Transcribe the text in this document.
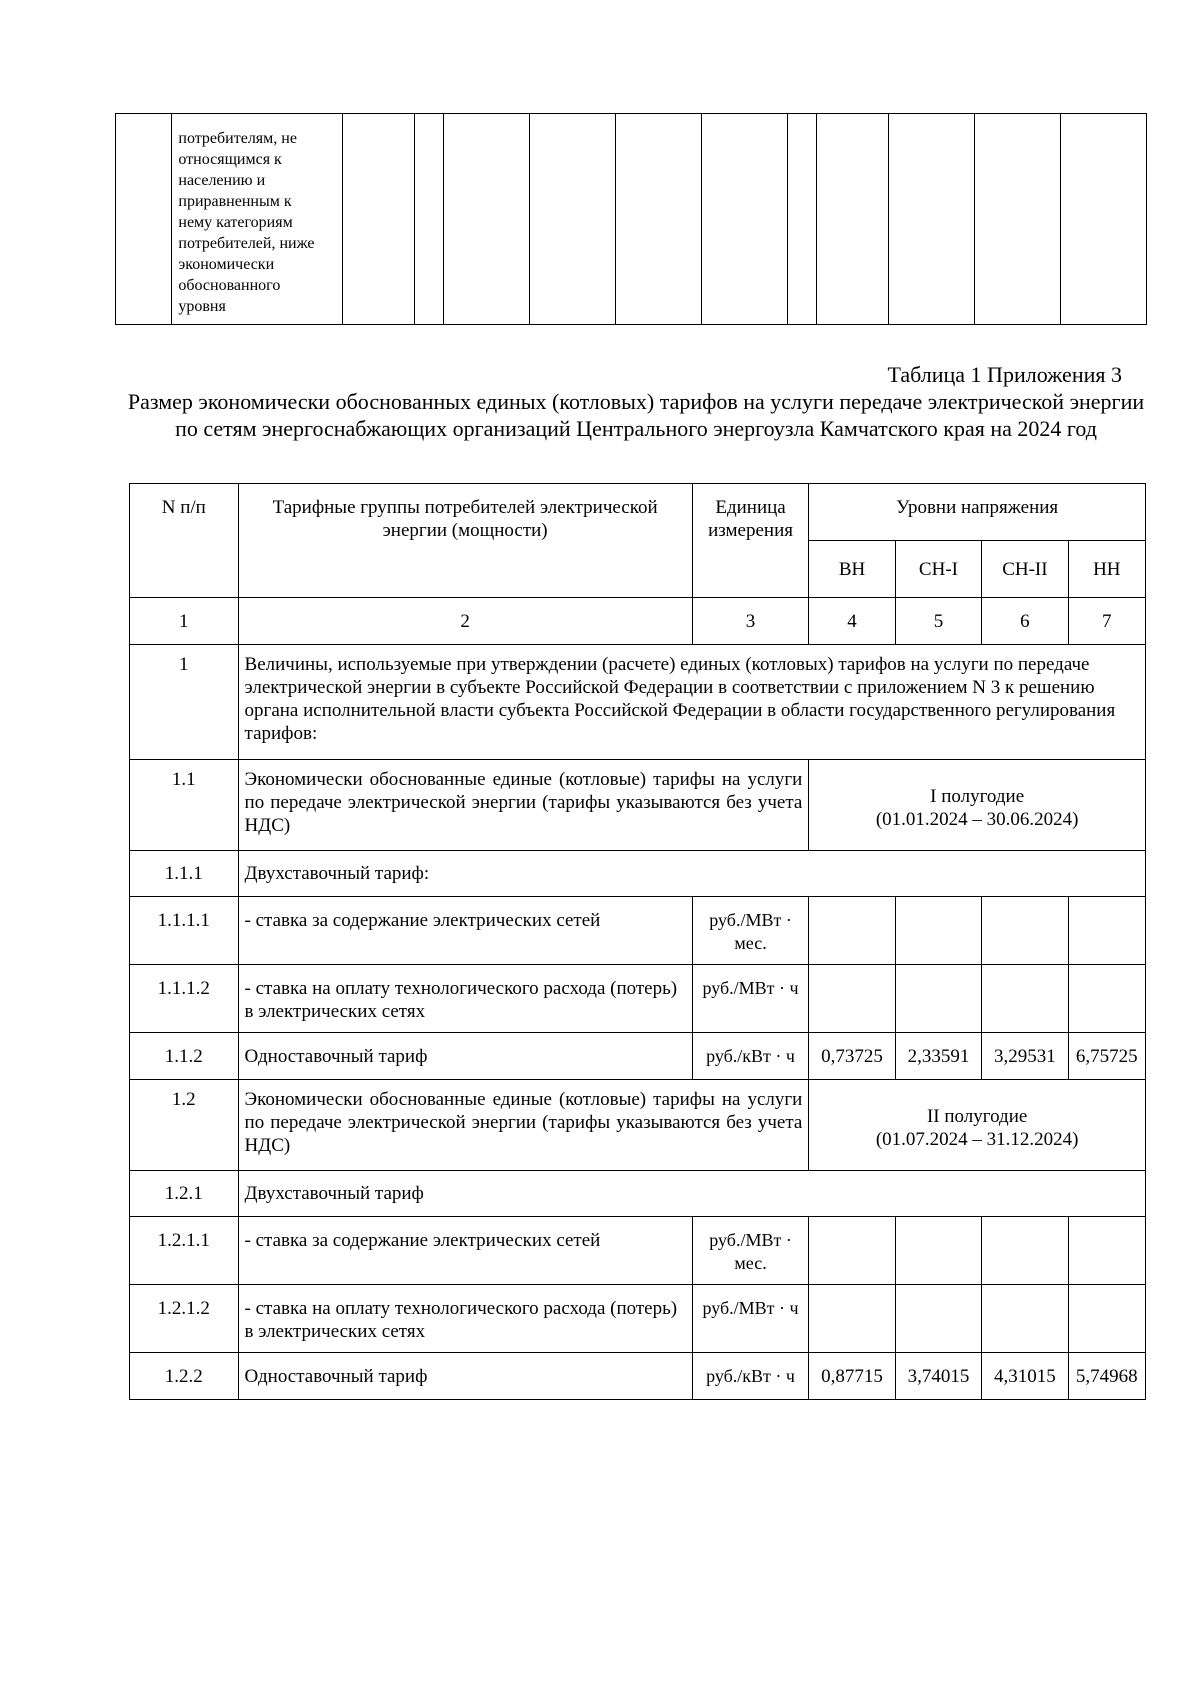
потребителям, не
относящимся к
населению и
приравненным к
нему категориям
потребителей, ниже
экономически
обоснованного
уровня

Таблица 1 Приложения 3
Размер экономически обоснованных единых (котловых) тарифов на услуги передаче электрической энергии по сетям энергоснабжающих организаций Центрального энергоузла Камчатского края на 2024 год
N п/п	Тарифные группы потребителей электрической энергии (мощности)	Единица измерения	Уровни напряжения			
			ВН	СН-I	СН-II	НН
1	2	3	4	5	6	7
1	Величины, используемые при утверждении (расчете) единых (котловых) тарифов на услуги по передаче электрической энергии в субъекте Российской Федерации в соответствии с приложением N 3 к решению органа исполнительной власти субъекта Российской Федерации в области государственного регулирования тарифов:					
1.1	Экономически обоснованные единые (котловые) тарифы на услуги по передаче электрической энергии (тарифы указываются без учета НДС)		I полугодие
(01.01.2024 – 30.06.2024)			

1.1.1	Двухставочный тариф:					
1.1.1.1	- ставка за содержание электрических сетей	руб./МВт · мес.				
1.1.1.2	- ставка на оплату технологического расхода (потерь) в электрических сетях	руб./МВт · ч				
1.1.2	Одноставочный тариф	руб./кВт · ч	0,73725	2,33591	3,29531	6,75725
1.2	Экономически обоснованные единые (котловые) тарифы на услуги по передаче электрической энергии (тарифы указываются без учета НДС)		II полугодие
(01.07.2024 – 31.12.2024)			

1.2.1	Двухставочный тариф					
1.2.1.1	- ставка за содержание электрических сетей	руб./МВт · мес.				
1.2.1.2	- ставка на оплату технологического расхода (потерь) в электрических сетях	руб./МВт · ч				
1.2.2	Одноставочный тариф	руб./кВт · ч	0,87715	3,74015	4,31015	5,74968
